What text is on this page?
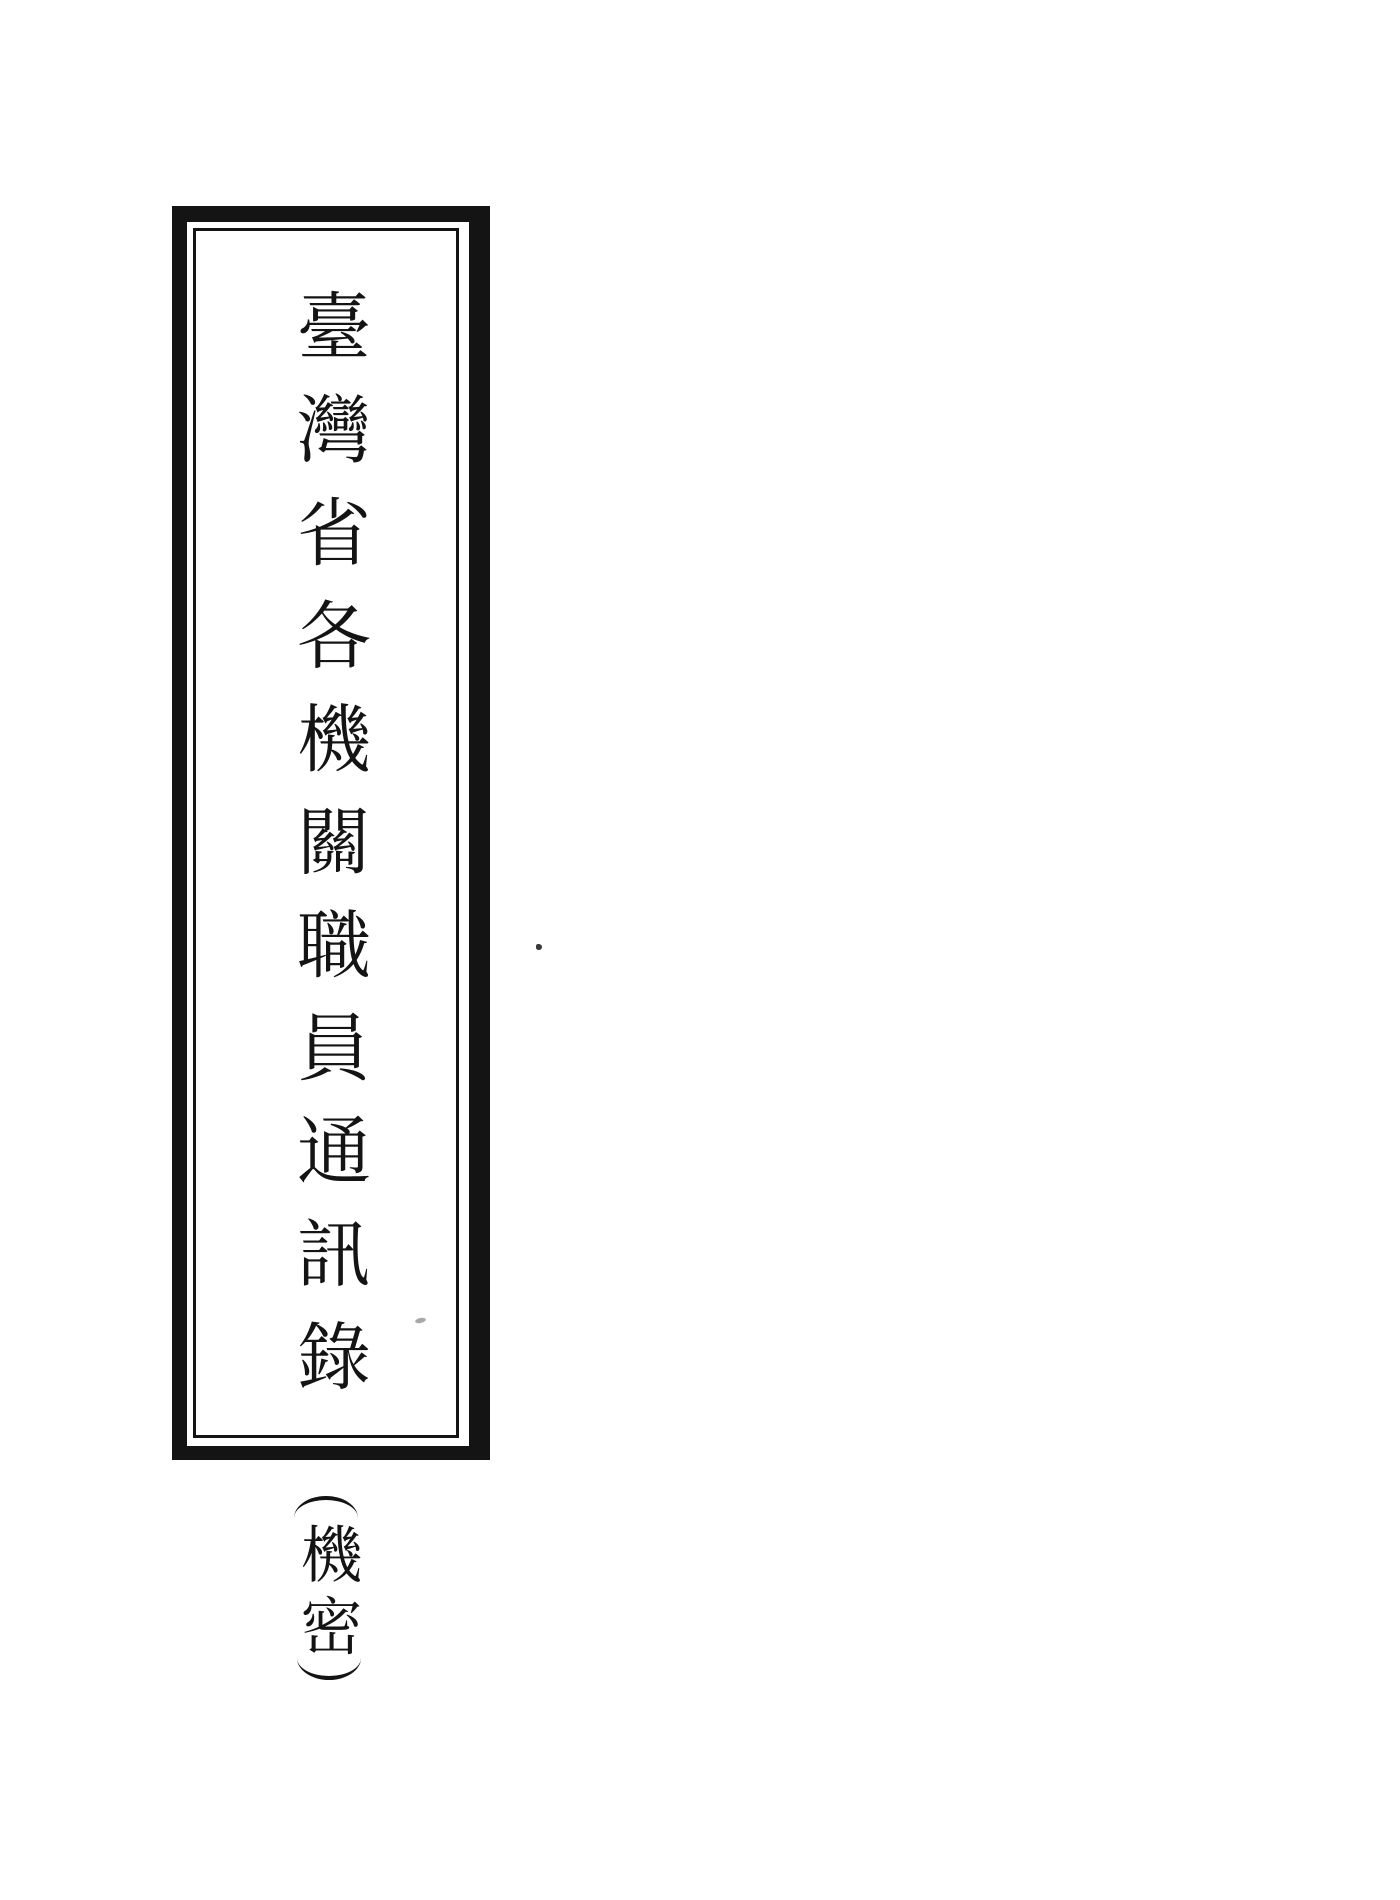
臺灣省各機關職員通訊錄
機密
